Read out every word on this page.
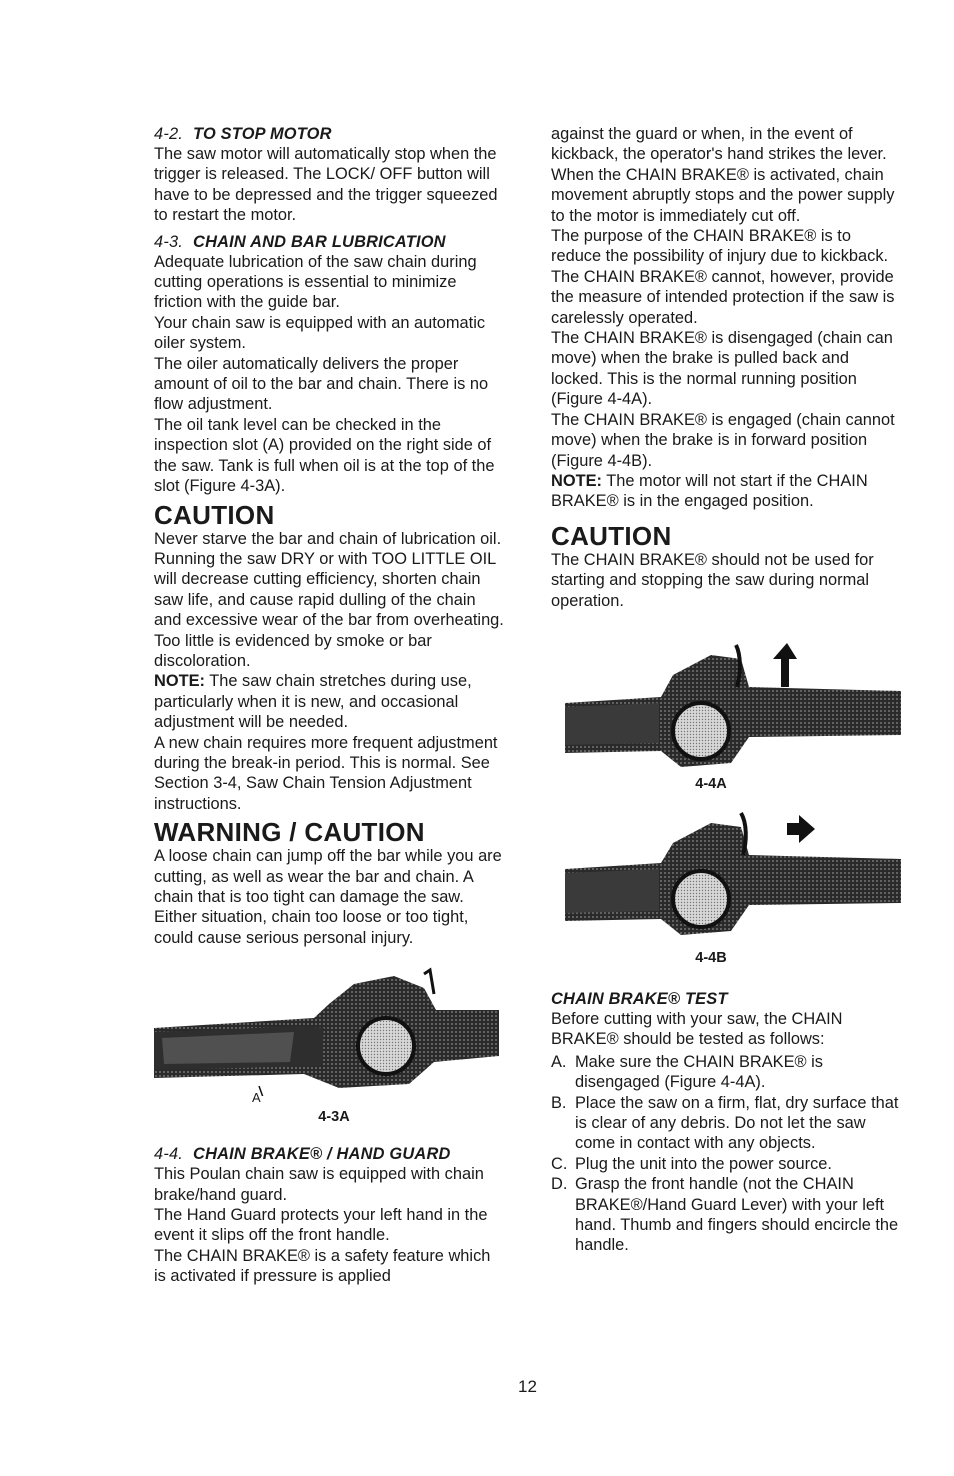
4-2. TO STOP MOTOR

The saw motor will automatically stop when the trigger is released. The LOCK/ OFF button will have to be depressed and the trigger squeezed to restart the motor.

4-3. CHAIN AND BAR LUBRICATION

Adequate lubrication of the saw chain during cutting operations is essential to minimize friction with the guide bar.

Your chain saw is equipped with an automatic oiler system.

The oiler automatically delivers the proper amount of oil to the bar and chain. There is no flow adjustment.

The oil tank level can be checked in the inspection slot (A) provided on the right side of the saw. Tank is full when oil is at the top of the slot (Figure 4-3A).

CAUTION

Never starve the bar and chain of lubrication oil. Running the saw DRY or with TOO LITTLE OIL will decrease cutting efficiency, shorten chain saw life, and cause rapid dulling of the chain and excessive wear of the bar from overheating. Too little is evidenced by smoke or bar discoloration.

NOTE: The saw chain stretches during use, particularly when it is new, and occasional adjustment will be needed.

A new chain requires more frequent adjustment during the break-in period. This is normal. See Section 3-4, Saw Chain Tension Adjustment instructions.

WARNING / CAUTION

A loose chain can jump off the bar while you are cutting, as well as wear the bar and chain. A chain that is too tight can damage the saw. Either situation, chain too loose or too tight, could cause serious personal injury.

A
4-3A
4-4. CHAIN BRAKE® / HAND GUARD

This Poulan chain saw is equipped with chain brake/hand guard.

The Hand Guard protects your left hand in the event it slips off the front handle.

The CHAIN BRAKE® is a safety feature which is activated if pressure is applied

against the guard or when, in the event of kickback, the operator's hand strikes the lever. When the CHAIN BRAKE® is activated, chain movement abruptly stops and the power supply to the motor is immediately cut off.

The purpose of the CHAIN BRAKE® is to reduce the possibility of injury due to kickback. The CHAIN BRAKE® cannot, however, provide the measure of intended protection if the saw is carelessly operated.

The CHAIN BRAKE® is disengaged (chain can move) when the brake is pulled back and locked. This is the normal running position (Figure 4-4A).

The CHAIN BRAKE® is engaged (chain cannot move) when the brake is in forward position (Figure 4-4B).

NOTE: The motor will not start if the CHAIN BRAKE® is in the engaged position.

CAUTION

The CHAIN BRAKE® should not be used for starting and stopping the saw during normal operation.

4-4A
4-4B
CHAIN BRAKE® TEST

Before cutting with your saw, the CHAIN BRAKE® should be tested as follows:

A. Make sure the CHAIN BRAKE® is disengaged (Figure 4-4A).
B. Place the saw on a firm, flat, dry surface that is clear of any debris. Do not let the saw come in contact with any objects.
C. Plug the unit into the power source.
D. Grasp the front handle (not the CHAIN BRAKE®/Hand Guard Lever) with your left hand. Thumb and fingers should encircle the handle.
12
